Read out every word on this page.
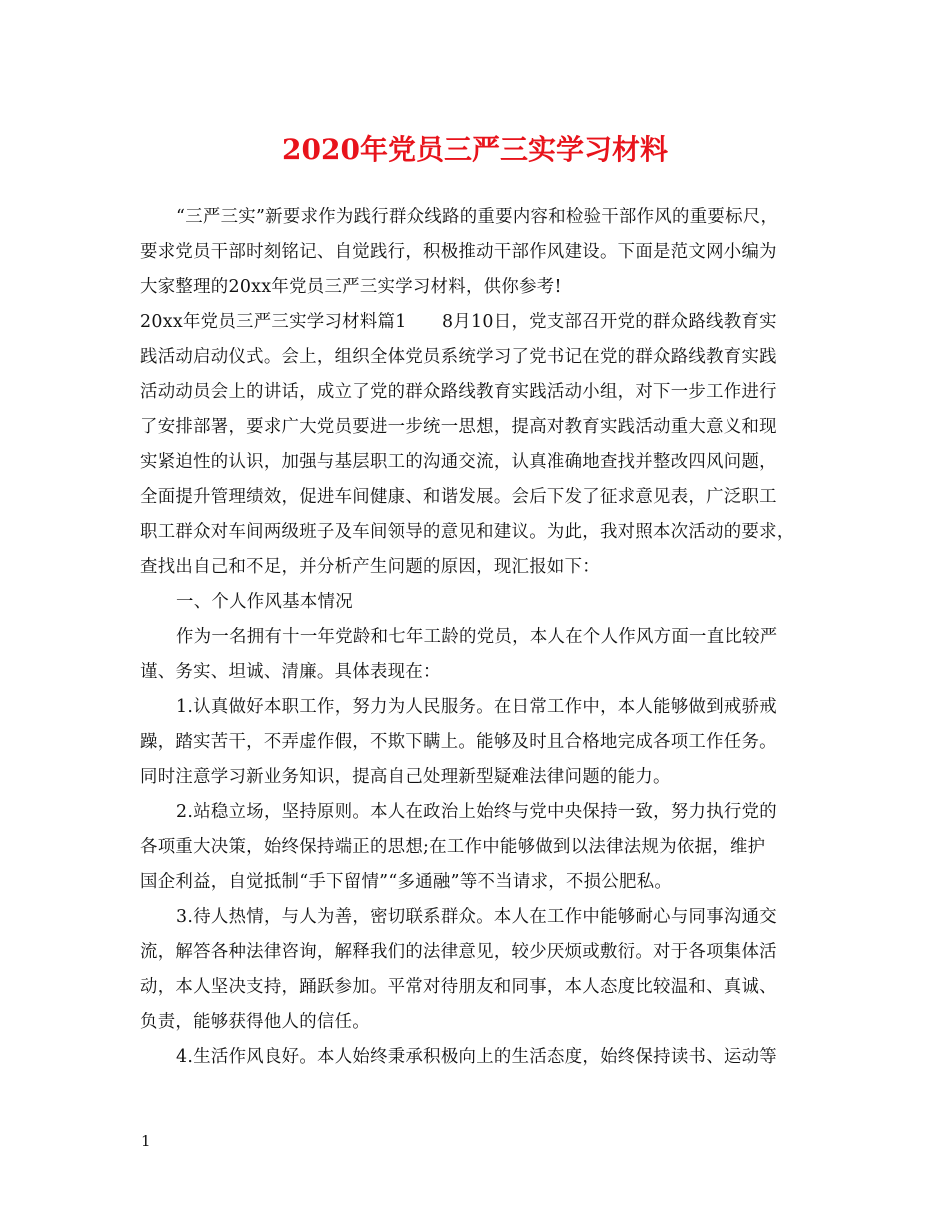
2020年党员三严三实学习材料
“三严三实”新要求作为践行群众线路的重要内容和检验干部作风的重要标尺，
要求党员干部时刻铭记、自觉践行，积极推动干部作风建设。下面是范文网小编为
大家整理的20xx年党员三严三实学习材料，供你参考!
20xx年党员三严三实学习材料篇1　　8月10日，党支部召开党的群众路线教育实
践活动启动仪式。会上，组织全体党员系统学习了党书记在党的群众路线教育实践
活动动员会上的讲话，成立了党的群众路线教育实践活动小组，对下一步工作进行
了安排部署，要求广大党员要进一步统一思想，提高对教育实践活动重大意义和现
实紧迫性的认识，加强与基层职工的沟通交流，认真准确地查找并整改四风问题，
全面提升管理绩效，促进车间健康、和谐发展。会后下发了征求意见表，广泛职工
职工群众对车间两级班子及车间领导的意见和建议。为此，我对照本次活动的要求，
查找出自己和不足，并分析产生问题的原因，现汇报如下：
一、个人作风基本情况
作为一名拥有十一年党龄和七年工龄的党员，本人在个人作风方面一直比较严
谨、务实、坦诚、清廉。具体表现在：
1.认真做好本职工作，努力为人民服务。在日常工作中，本人能够做到戒骄戒
躁，踏实苦干，不弄虚作假，不欺下瞒上。能够及时且合格地完成各项工作任务。
同时注意学习新业务知识，提高自己处理新型疑难法律问题的能力。
2.站稳立场，坚持原则。本人在政治上始终与党中央保持一致，努力执行党的
各项重大决策，始终保持端正的思想;在工作中能够做到以法律法规为依据，维护
国企利益，自觉抵制“手下留情”“多通融”等不当请求，不损公肥私。
3.待人热情，与人为善，密切联系群众。本人在工作中能够耐心与同事沟通交
流，解答各种法律咨询，解释我们的法律意见，较少厌烦或敷衍。对于各项集体活
动，本人坚决支持，踊跃参加。平常对待朋友和同事，本人态度比较温和、真诚、
负责，能够获得他人的信任。
4.生活作风良好。本人始终秉承积极向上的生活态度，始终保持读书、运动等
1
